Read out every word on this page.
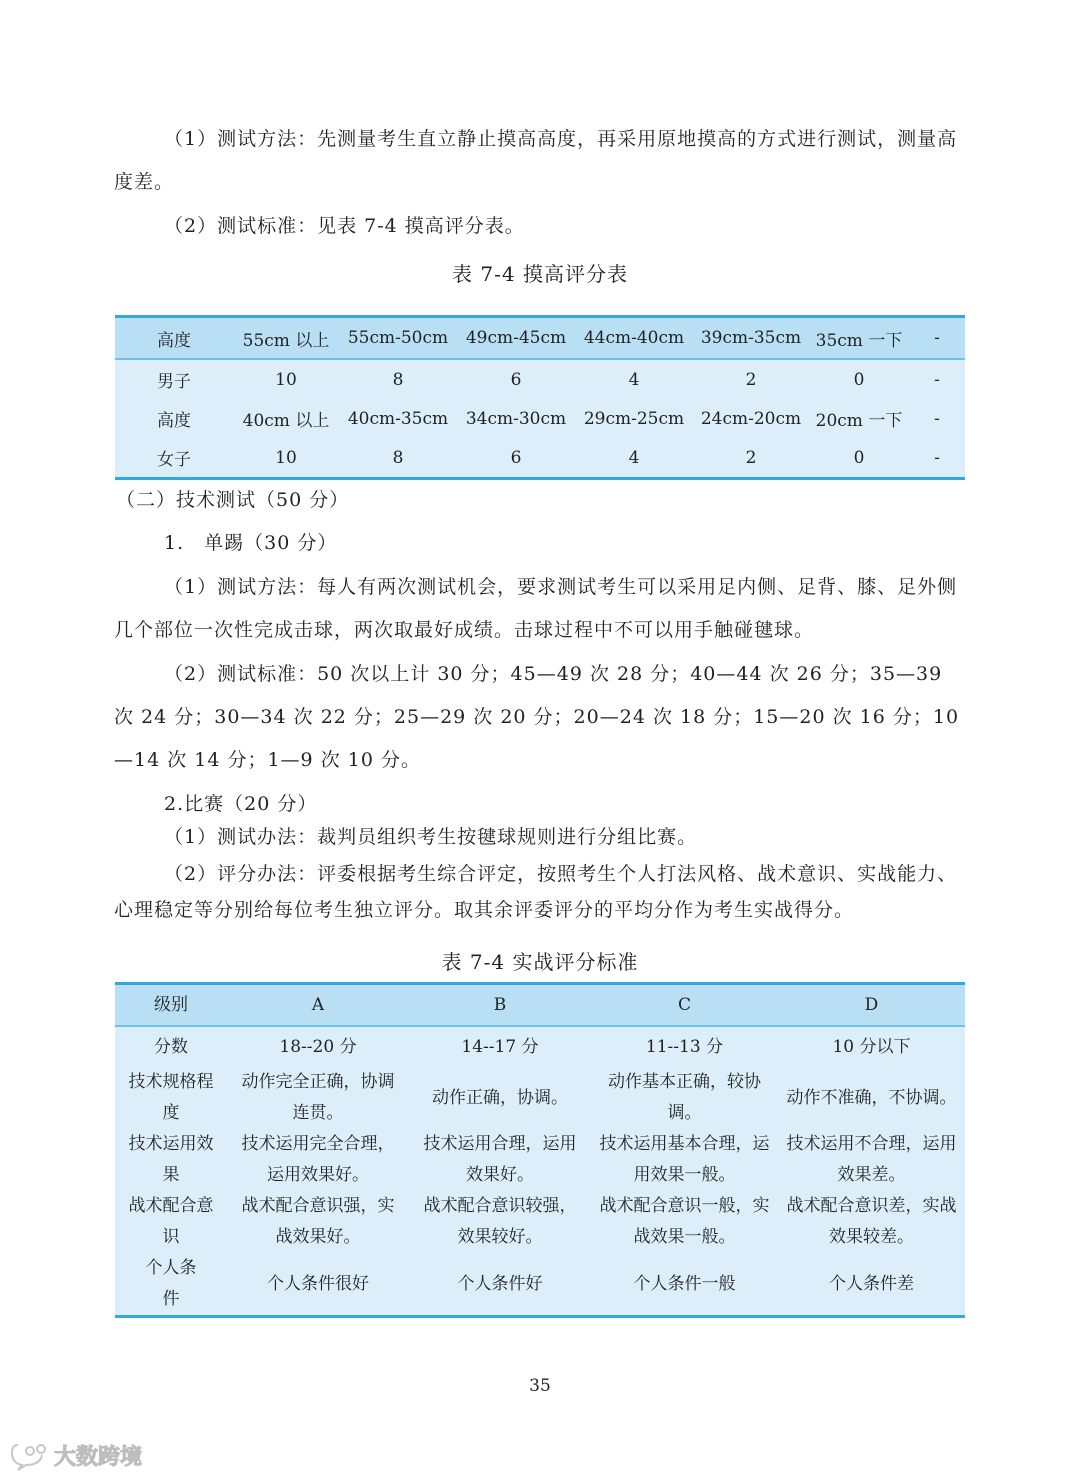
（1）测试方法：先测量考生直立静止摸高高度，再采用原地摸高的方式进行测试，测量高度差。
（2）测试标准：见表 7-4 摸高评分表。
表 7-4 摸高评分表
高度	55cm 以上	55cm-50cm	49cm-45cm	44cm-40cm	39cm-35cm	35cm 一下	-
男子	10	8	6	4	2	0	-
高度	40cm 以上	40cm-35cm	34cm-30cm	29cm-25cm	24cm-20cm	20cm 一下	-
女子	10	8	6	4	2	0	-
（二）技术测试（50 分）
1.　单踢（30 分）
（1）测试方法：每人有两次测试机会，要求测试考生可以采用足内侧、足背、膝、足外侧几个部位一次性完成击球，两次取最好成绩。击球过程中不可以用手触碰毽球。
（2）测试标准：50 次以上计 30 分；45—49 次 28 分；40—44 次 26 分；35—39 次 24 分；30—34 次 22 分；25—29 次 20 分；20—24 次 18 分；15—20 次 16 分；10—14 次 14 分；1—9 次 10 分。
2.比赛（20 分）
（1）测试办法：裁判员组织考生按毽球规则进行分组比赛。
（2）评分办法：评委根据考生综合评定，按照考生个人打法风格、战术意识、实战能力、心理稳定等分别给每位考生独立评分。取其余评委评分的平均分作为考生实战得分。
表 7-4 实战评分标准
级别	A	B	C	D
分数	18--20 分	14--17 分	11--13 分	10 分以下
技术规格程度	动作完全正确，协调连贯。	动作正确，协调。	动作基本正确，较协调。	动作不准确，不协调。
技术运用效果	技术运用完全合理，运用效果好。	技术运用合理，运用效果好。	技术运用基本合理，运用效果一般。	技术运用不合理，运用效果差。
战术配合意识	战术配合意识强，实战效果好。	战术配合意识较强，效果较好。	战术配合意识一般，实战效果一般。	战术配合意识差，实战效果较差。
个人条件	个人条件很好	个人条件好	个人条件一般	个人条件差
35
大数跨境
